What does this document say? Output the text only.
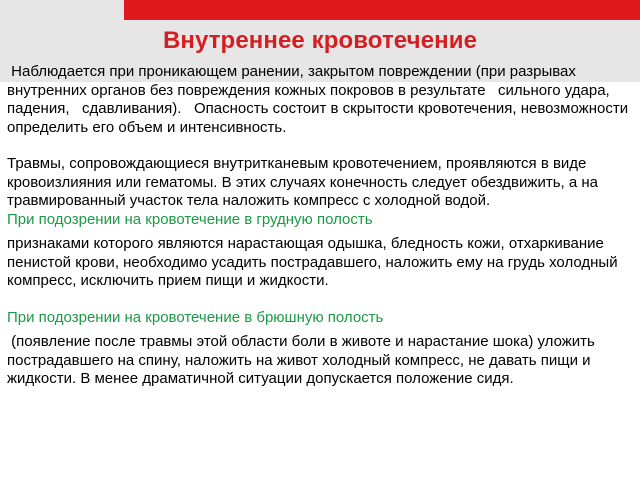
Внутреннее кровотечение

Наблюдается при проникающем ранении, закрытом повреждении (при разрывах внутренних органов без повреждения кожных покровов в результате   сильного удара,   падения,   сдавливания).   Опасность состоит в скрытости кровотечения, невозможности определить его объем и интенсивность.

Травмы, сопровождающиеся внутритканевым кровотечением, проявляются в виде кровоизлияния или гематомы. В этих случаях конечность следует обездвижить, а на травмированный участок тела наложить компресс с холодной водой.

При подозрении на кровотечение в грудную полость

признаками которого являются нарастающая одышка, бледность кожи, отхаркивание пенистой крови, необходимо усадить пострадавшего, наложить ему на грудь холодный компресс, исключить прием пищи и жидкости.

При подозрении на кровотечение в брюшную полость

(появление после травмы этой области боли в животе и нарастание шока) уложить пострадавшего на спину, наложить на живот холодный компресс, не давать пищи и жидкости. В менее драматичной ситуации допускается положение сидя.
